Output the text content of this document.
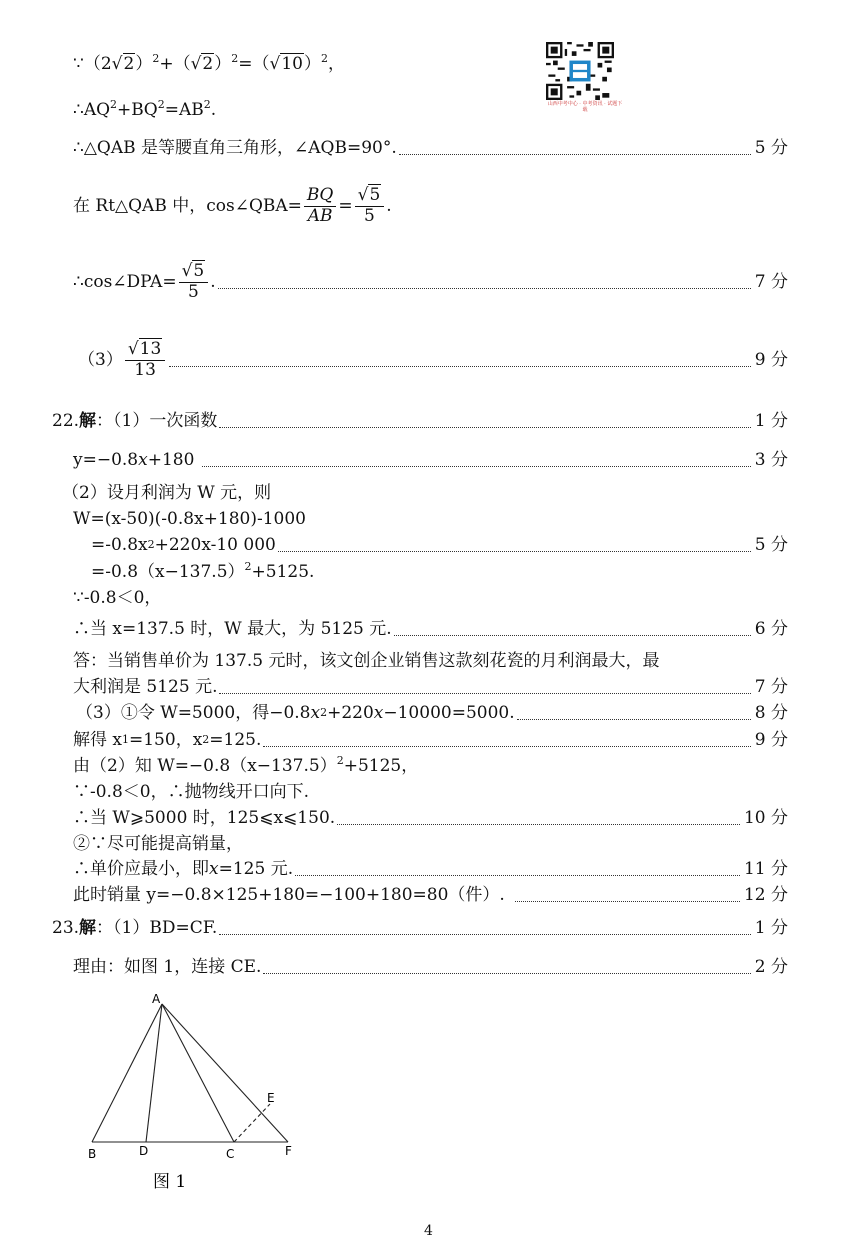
山西中考中心 · 中考资讯 · 试题下载
$\because(2√2)^2+(√2)^2=(√10)^2$，
$\therefore AQ^2+BQ^2=AB^2$.
∴△QAB 是等腰直角三角形，∠AQB=90°.	5 分
在 Rt△QAB 中，cos∠QBA= $\frac{BQ}{AB} = \frac{√5}{5}$ .
∴cos∠DPA= $\frac{√5}{5}$ .	7 分
$(3) \frac{√13}{13}$	9 分
22. 解 ：（1）一次函数	1 分
y=−0.8 x +180	3 分
（2）设月利润为 W 元，则
W=(x-50)(-0.8x+180)-1000
=-0.8x 2 +220x-10 000	5 分
$=-0.8(x-137.5)^2+5125$.
∵-0.8＜0，
∴当 x=137.5 时，W 最大，为 5125 元.	6 分
答：当销售单价为 137.5 元时，该文创企业销售这款刻花瓷的月利润最大，最
大利润是 5125 元.	7 分
（3）①令 W=5000，得−0.8 x 2 +220 x −10000=5000.	8 分
解得 x 1 =150，x 2 =125.	9 分
由（2）知 $W=-0.8(x-137.5)^2+5125$，
∵-0.8＜0，∴抛物线开口向下.
∴当 W⩾5000 时，125⩽x⩽150.	10 分
②∵尽可能提高销量，
∴单价应最小，即 x =125 元.	11 分
此时销量 y=−0.8×125+180=−100+180=80（件）.	12 分
23. 解 ：（1）BD=CF.	1 分
理由：如图 1，连接 CE.	2 分
A
B	D	C
E
F
图 1
4
